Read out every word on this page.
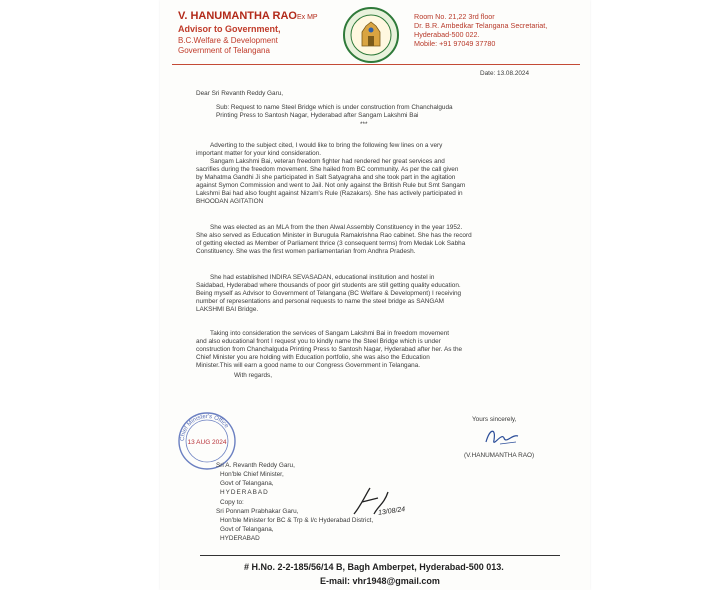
V. HANUMANTHA RAOEx MP
Advisor to Government,
B.C.Welfare & Development
Government of Telangana
Room No. 21,22 3rd floor
Dr. B.R. Ambedkar Telangana Secretariat,
Hyderabad-500 022.
Mobile: +91 97049 37780
Date: 13.08.2024
Dear Sri Revanth Reddy Garu,
Sub: Request to name Steel Bridge which is under construction from Chanchalguda
Printing Press to Santosh Nagar, Hyderabad after Sangam Lakshmi Bai
***
Adverting to the subject cited, I would like to bring the following few lines on a very
important matter for your kind consideration.
Sangam Lakshmi Bai, veteran freedom fighter had rendered her great services and
sacrifies during the freedom movement. She hailed from BC community. As per the call given
by Mahatma Gandhi Ji she participated in Salt Satyagraha and she took part in the agitation
against Symon Commission and went to Jail. Not only against the British Rule but Smt Sangam
Lakshmi Bai had also fought against Nizam's Rule (Razakars). She has actively participated in
BHOODAN AGITATION
She was elected as an MLA from the then Alwal Assembly Constituency in the year 1952.
She also served as Education Minister in Burugula Ramakrishna Rao cabinet. She has the record
of getting elected as Member of Parliament thrice (3 consequent terms) from Medak Lok Sabha
Constituency. She was the first women parliamentarian from Andhra Pradesh.
She had established INDIRA SEVASADAN, educational institution and hostel in
Saidabad, Hyderabad where thousands of poor girl students are still getting quality education.
Being myself as Advisor to Government of Telangana (BC Welfare & Development) I receiving
number of representations and personal requests to name the steel bridge as SANGAM
LAKSHMI BAI Bridge.
Taking into consideration the services of Sangam Lakshmi Bai in freedom movement
and also educational front I request you to kindly name the Steel Bridge which is under
construction from Chanchalguda Printing Press to Santosh Nagar, Hyderabad after her. As the
Chief Minister you are holding with Education portfolio, she was also the Education
Minister.This will earn a good name to our Congress Government in Telangana.
With regards,
Chief Minister's Office
13 AUG 2024
Yours sincerely,
(V.HANUMANTHA RAO)
Sri A. Revanth Reddy Garu,
Hon'ble Chief Minister,
Govt of Telangana,
HYDERABAD
Copy to:
Sri Ponnam Prabhakar Garu,
Hon'ble Minister for BC & Trp & I/c Hyderabad District,
Govt of Telangana,
HYDERABAD
13/08/24
# H.No. 2-2-185/56/14 B, Bagh Amberpet, Hyderabad-500 013.
E-mail: vhr1948@gmail.com
